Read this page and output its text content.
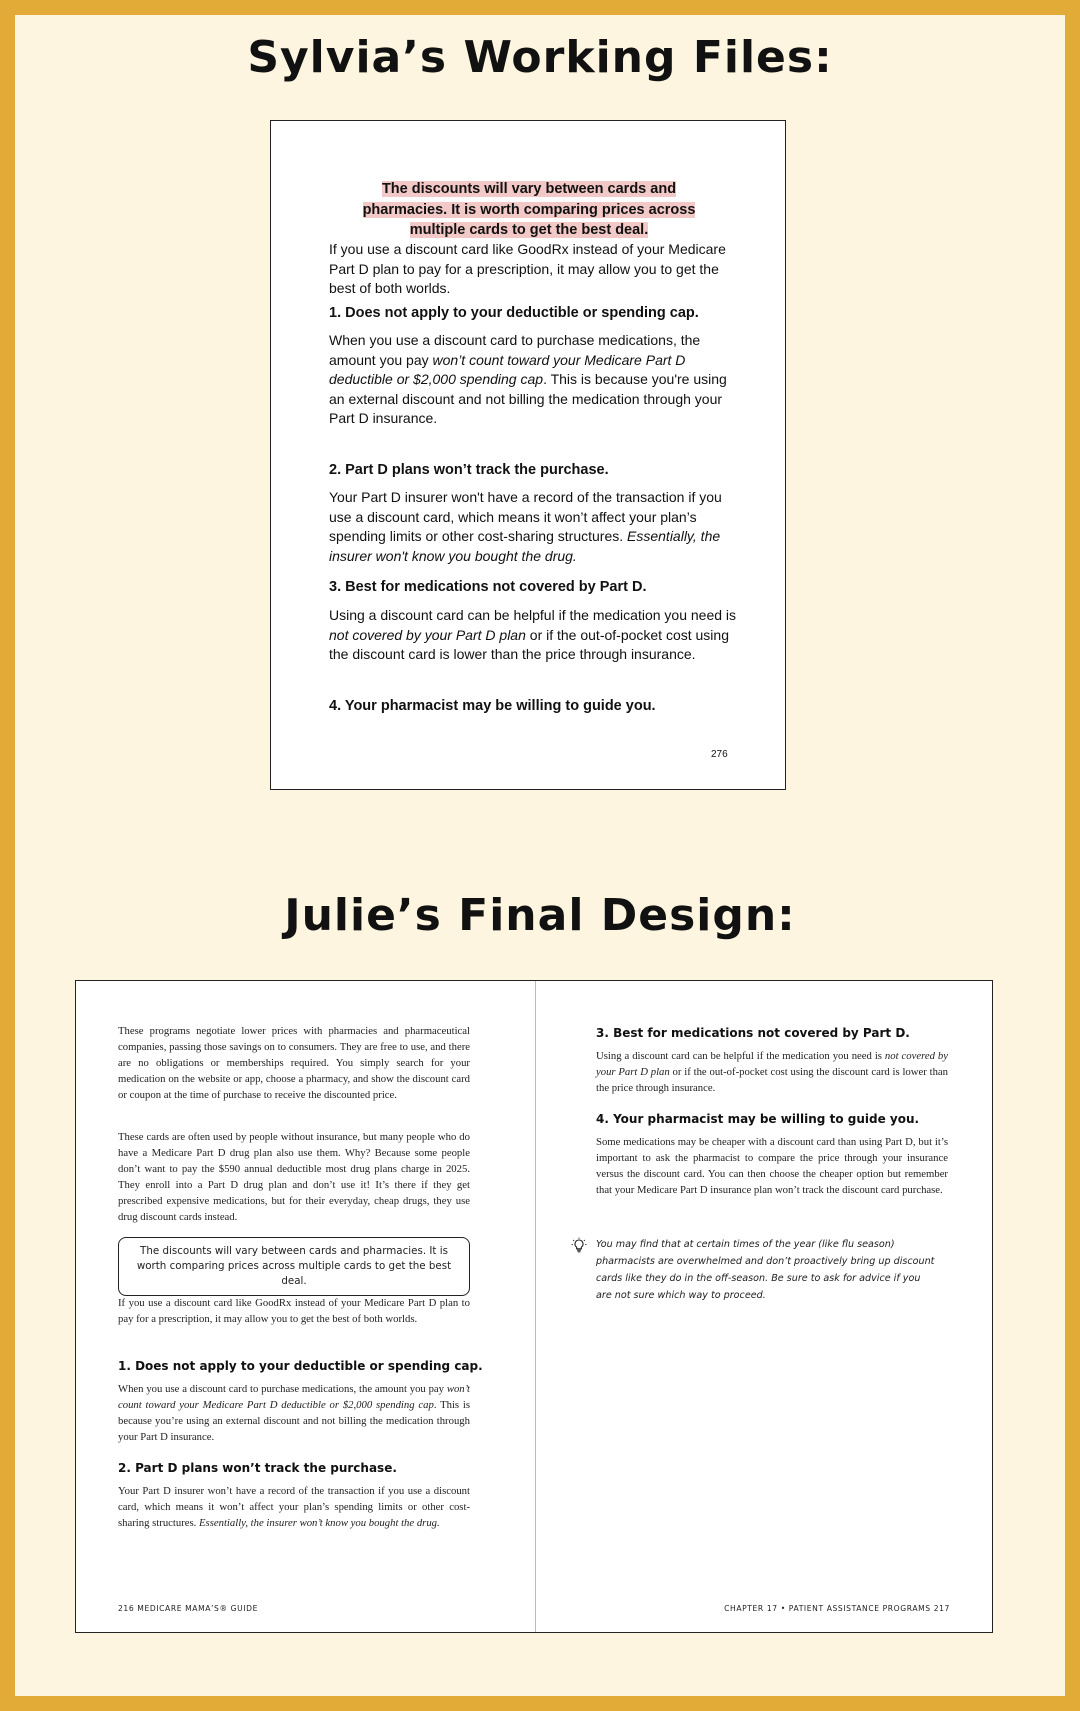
Sylvia’s Working Files:
The discounts will vary between cards and
pharmacies. It is worth comparing prices across
multiple cards to get the best deal.
If you use a discount card like GoodRx instead of your Medicare Part D plan to pay for a prescription, it may allow you to get the best of both worlds.
1. Does not apply to your deductible or spending cap.
When you use a discount card to purchase medications, the amount you pay won’t count toward your Medicare Part D deductible or $2,000 spending cap. This is because you're using an external discount and not billing the medication through your Part D insurance.
2. Part D plans won’t track the purchase.
Your Part D insurer won't have a record of the transaction if you use a discount card, which means it won’t affect your plan’s spending limits or other cost-sharing structures. Essentially, the insurer won't know you bought the drug.
3. Best for medications not covered by Part D.
Using a discount card can be helpful if the medication you need is not covered by your Part D plan or if the out-of-pocket cost using the discount card is lower than the price through insurance.
4. Your pharmacist may be willing to guide you.
276
Julie’s Final Design:
These programs negotiate lower prices with pharmacies and pharmaceutical companies, passing those savings on to consumers. They are free to use, and there are no obligations or memberships required. You simply search for your medication on the website or app, choose a pharmacy, and show the discount card or coupon at the time of purchase to receive the discounted price.
These cards are often used by people without insurance, but many people who do have a Medicare Part D drug plan also use them. Why? Because some people don’t want to pay the $590 annual deductible most drug plans charge in 2025. They enroll into a Part D drug plan and don’t use it! It’s there if they get prescribed expensive medications, but for their everyday, cheap drugs, they use drug discount cards instead.
The discounts will vary between cards and pharmacies. It is worth comparing prices across multiple cards to get the best deal.
If you use a discount card like GoodRx instead of your Medicare Part D plan to pay for a prescription, it may allow you to get the best of both worlds.
1. Does not apply to your deductible or spending cap.
When you use a discount card to purchase medications, the amount you pay won’t count toward your Medicare Part D deductible or $2,000 spending cap. This is because you’re using an external discount and not billing the medication through your Part D insurance.
2. Part D plans won’t track the purchase.
Your Part D insurer won’t have a record of the transaction if you use a discount card, which means it won’t affect your plan’s spending limits or other cost-sharing structures. Essentially, the insurer won’t know you bought the drug.
216 MEDICARE MAMA’S® GUIDE
3. Best for medications not covered by Part D.
Using a discount card can be helpful if the medication you need is not covered by your Part D plan or if the out-of-pocket cost using the discount card is lower than the price through insurance.
4. Your pharmacist may be willing to guide you.
Some medications may be cheaper with a discount card than using Part D, but it’s important to ask the pharmacist to compare the price through your insurance versus the discount card. You can then choose the cheaper option but remember that your Medicare Part D insurance plan won’t track the discount card purchase.
You may find that at certain times of the year (like flu season) pharmacists are overwhelmed and don’t proactively bring up discount cards like they do in the off-season. Be sure to ask for advice if you are not sure which way to proceed.
CHAPTER 17 • PATIENT ASSISTANCE PROGRAMS 217
